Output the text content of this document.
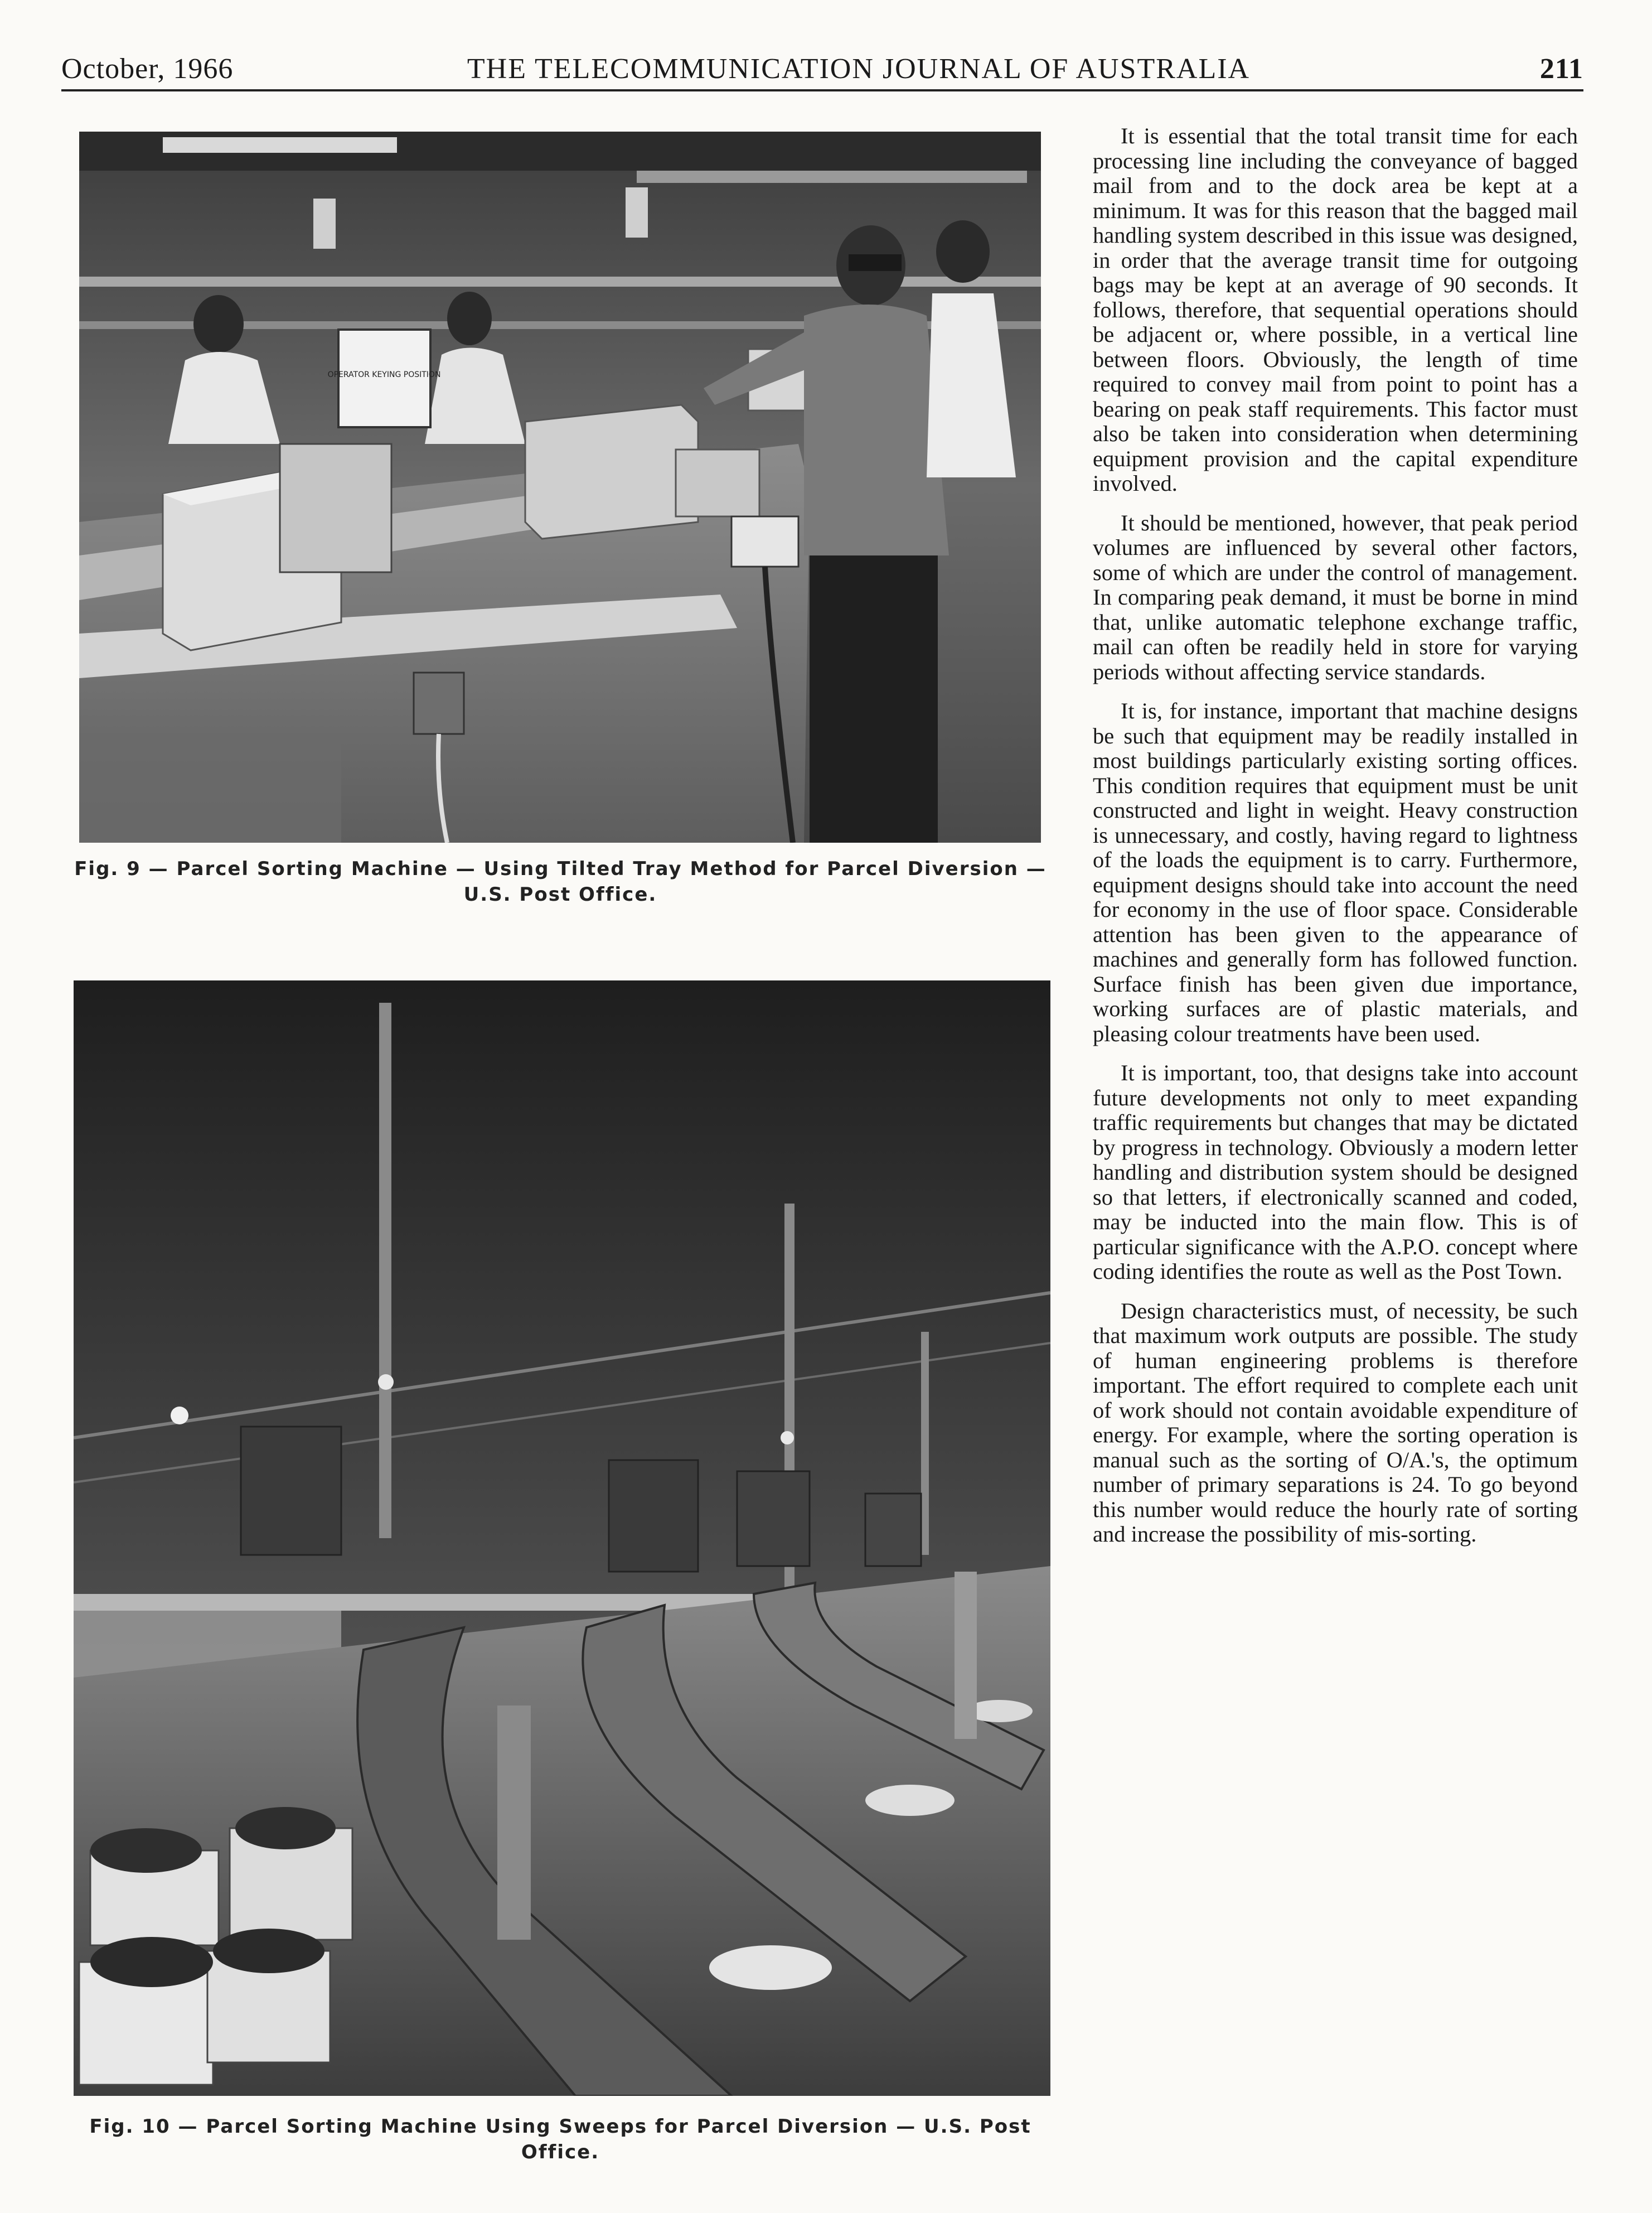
October, 1966	THE TELECOMMUNICATION JOURNAL OF AUSTRALIA	211
OPERATOR KEYING POSITION
Fig. 9 — Parcel Sorting Machine — Using Tilted Tray Method for Parcel Diversion — U.S. Post Office.
Fig. 10 — Parcel Sorting Machine Using Sweeps for Parcel Diversion — U.S. Post Office.

It is essential that the total transit time for each processing line including the conveyance of bagged mail from and to the dock area be kept at a minimum. It was for this reason that the bagged mail handling system described in this issue was designed, in order that the average transit time for outgoing bags may be kept at an average of 90 seconds. It follows, therefore, that sequential operations should be adjacent or, where possible, in a vertical line between floors. Obviously, the length of time required to convey mail from point to point has a bearing on peak staff requirements. This factor must also be taken into consideration when determining equipment provision and the capital expenditure involved.

It should be mentioned, however, that peak period volumes are influenced by several other factors, some of which are under the control of management. In comparing peak demand, it must be borne in mind that, unlike automatic telephone exchange traffic, mail can often be readily held in store for varying periods without affecting service standards.

It is, for instance, important that machine designs be such that equipment may be readily installed in most buildings particularly existing sorting offices. This condition requires that equipment must be unit constructed and light in weight. Heavy construction is unnecessary, and costly, having regard to lightness of the loads the equipment is to carry. Furthermore, equipment designs should take into account the need for economy in the use of floor space. Considerable attention has been given to the appearance of machines and generally form has followed function. Surface finish has been given due importance, working surfaces are of plastic materials, and pleasing colour treatments have been used.

It is important, too, that designs take into account future developments not only to meet expanding traffic requirements but changes that may be dictated by progress in technology. Obviously a modern letter handling and distribution system should be designed so that letters, if electronically scanned and coded, may be inducted into the main flow. This is of particular significance with the A.P.O. concept where coding identifies the route as well as the Post Town.

Design characteristics must, of necessity, be such that maximum work outputs are possible. The study of human engineering problems is therefore important. The effort required to complete each unit of work should not contain avoidable expenditure of energy. For example, where the sorting operation is manual such as the sorting of O/A.'s, the optimum number of primary separations is 24. To go beyond this number would reduce the hourly rate of sorting and increase the possibility of mis-sorting.
